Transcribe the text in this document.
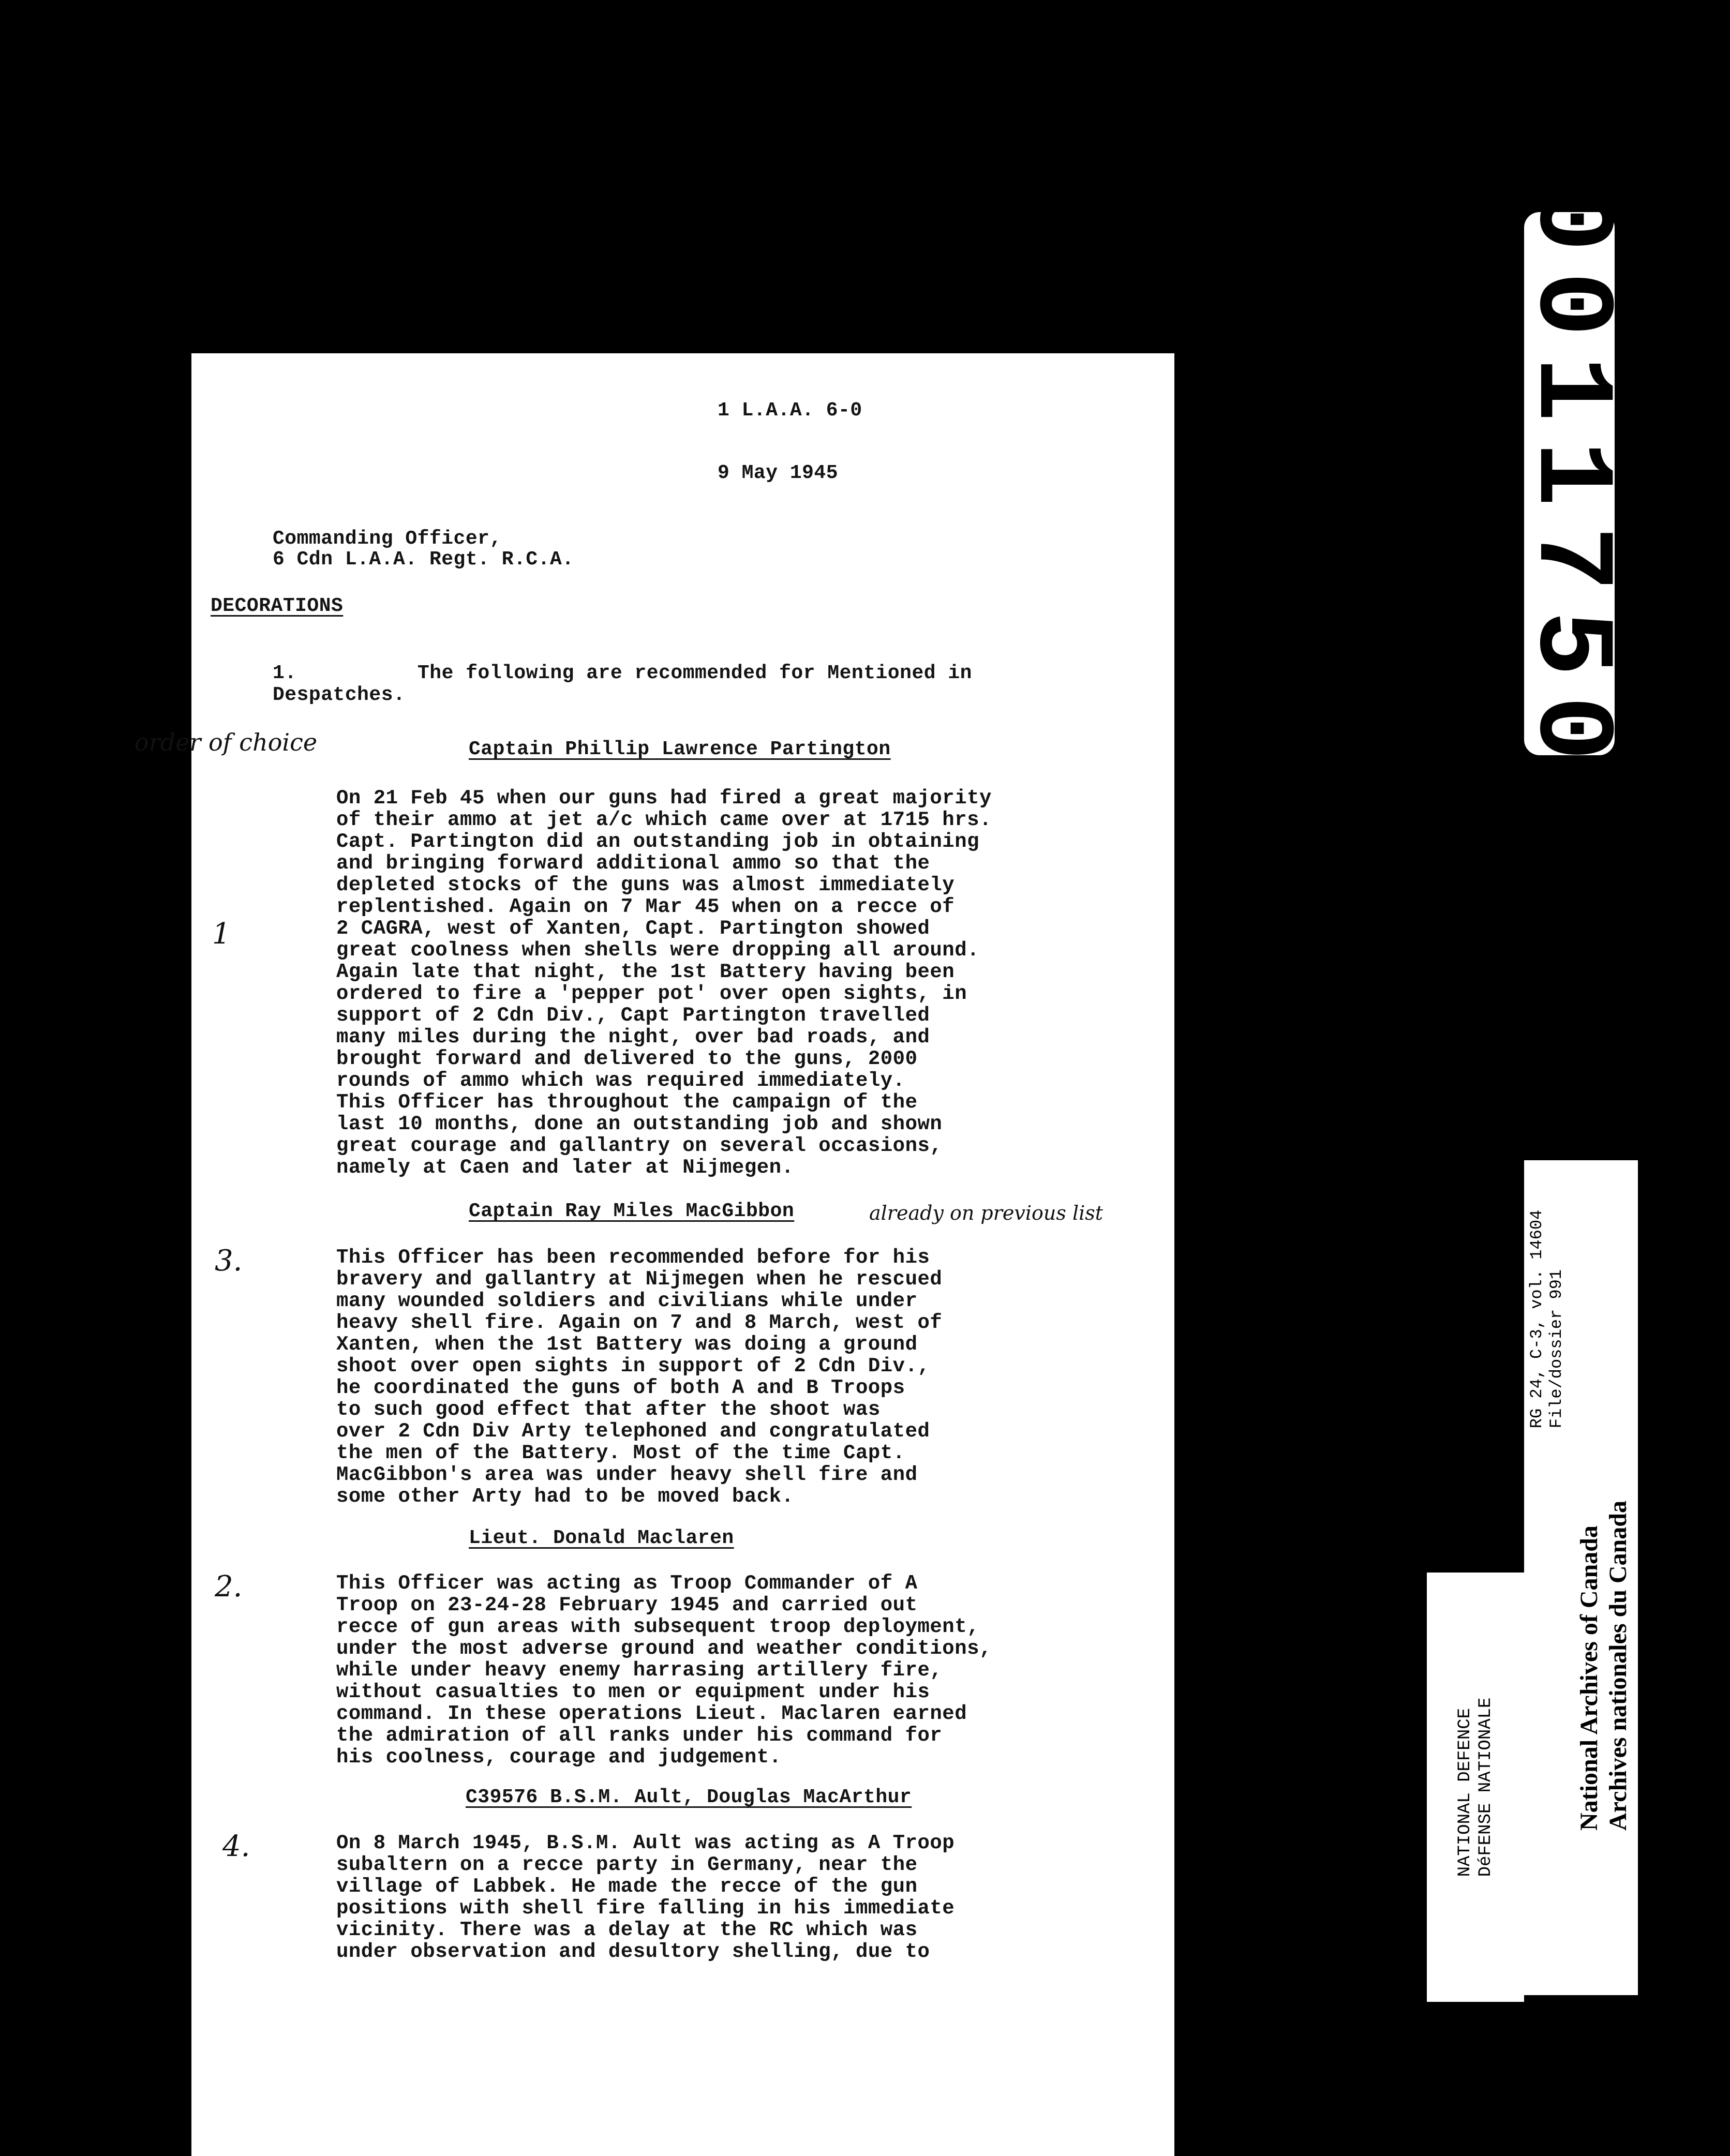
1 L.A.A. 6-0
9 May 1945
Commanding Officer,
6 Cdn L.A.A. Regt. R.C.A.
DECORATIONS
1.	The following are recommended for Mentioned in
Despatches.
order of choice	Captain Phillip Lawrence Partington
1
On 21 Feb 45 when our guns had fired a great majority
of their ammo at jet a/c which came over at 1715 hrs.
Capt. Partington did an outstanding job in obtaining
and bringing forward additional ammo so that the
depleted stocks of the guns was almost immediately
replentished. Again on 7 Mar 45 when on a recce of
2 CAGRA, west of Xanten, Capt. Partington showed
great coolness when shells were dropping all around.
Again late that night, the 1st Battery having been
ordered to fire a 'pepper pot' over open sights, in
support of 2 Cdn Div., Capt Partington travelled
many miles during the night, over bad roads, and
brought forward and delivered to the guns, 2000
rounds of ammo which was required immediately.
This Officer has throughout the campaign of the
last 10 months, done an outstanding job and shown
great courage and gallantry on several occasions,
namely at Caen and later at Nijmegen.
Captain Ray Miles MacGibbon	already on previous list
3.	This Officer has been recommended before for his
bravery and gallantry at Nijmegen when he rescued
many wounded soldiers and civilians while under
heavy shell fire. Again on 7 and 8 March, west of
Xanten, when the 1st Battery was doing a ground
shoot over open sights in support of 2 Cdn Div.,
he coordinated the guns of both A and B Troops
to such good effect that after the shoot was
over 2 Cdn Div Arty telephoned and congratulated
the men of the Battery. Most of the time Capt.
MacGibbon's area was under heavy shell fire and
some other Arty had to be moved back.
Lieut. Donald Maclaren
2.	This Officer was acting as Troop Commander of A
Troop on 23-24-28 February 1945 and carried out
recce of gun areas with subsequent troop deployment,
under the most adverse ground and weather conditions,
while under heavy enemy harrasing artillery fire,
without casualties to men or equipment under his
command. In these operations Lieut. Maclaren earned
the admiration of all ranks under his command for
his coolness, courage and judgement.
C39576 B.S.M. Ault, Douglas MacArthur
4.	On 8 March 1945, B.S.M. Ault was acting as A Troop
subaltern on a recce party in Germany, near the
village of Labbek. He made the recce of the gun
positions with shell fire falling in his immediate
vicinity. There was a delay at the RC which was
under observation and desultory shelling, due to
0011750
NATIONAL DEFENCE DéFENSE NATIONALE
RG 24, C-3, vol. 14604 File/dossier 991
National Archives of Canada Archives nationales du Canada
